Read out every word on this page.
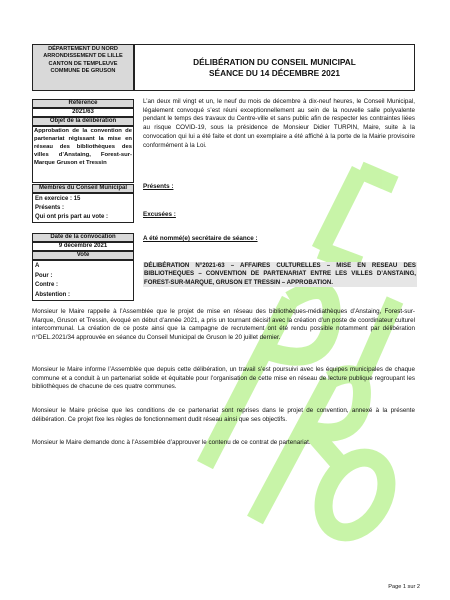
DÉPARTEMENT DU NORD
ARRONDISSEMENT DE LILLE
CANTON DE TEMPLEUVE
COMMUNE DE GRUSON
DÉLIBÉRATION DU CONSEIL MUNICIPAL
SÉANCE DU 14 DÉCEMBRE 2021
Référence
2021/63
Objet de la délibération
Approbation de la convention de partenariat régissant la mise en réseau des bibliothèques des villes d’Anstaing, Forest-sur-Marque Gruson et Tressin
Membres du Conseil Municipal
En exercice : 15
Présents :
Qui ont pris part au vote :
Date de la convocation
9 décembre 2021
Vote
A
Pour :
Contre :
Abstention :
L’an deux mil vingt et un, le neuf du mois de décembre à dix-neuf heures, le Conseil Municipal, légalement convoqué s’est réuni exceptionnellement au sein de la nouvelle salle polyvalente pendant le temps des travaux du Centre-ville et sans public afin de respecter les contraintes liées au risque COVID-19, sous la présidence de Monsieur Didier TURPIN, Maire, suite à la convocation qui lui a été faite et dont un exemplaire a été affiché à la porte de la Mairie provisoire conformément à la Loi.
Présents :
Excusées :
A été nommé(e) secrétaire de séance :
DÉLIBÉRATION N°2021-63 – AFFAIRES CULTURELLES – MISE EN RESEAU DES BIBLIOTHEQUES – CONVENTION DE PARTENARIAT ENTRE LES VILLES D’ANSTAING, FOREST-SUR-MARQUE, GRUSON ET TRESSIN – APPROBATION.
Monsieur le Maire rappelle à l’Assemblée que le projet de mise en réseau des bibliothèques-médiathèques d’Anstaing, Forest-sur-Marque, Gruson et Tressin, évoqué en début d’année 2021, a pris un tournant décisif avec la création d’un poste de coordinateur culturel intercommunal. La création de ce poste ainsi que la campagne de recrutement ont été rendu possible notamment par délibération n°DEL.2021/34 approuvée en séance du Conseil Municipal de Gruson le 20 juillet dernier.
Monsieur le Maire informe l’Assemblée que depuis cette délibération, un travail s’est poursuivi avec les équipes municipales de chaque commune et a conduit à un partenariat solide et équitable pour l’organisation de cette mise en réseau de lecture publique regroupant les bibliothèques de chacune de ces quatre communes.
Monsieur le Maire précise que les conditions de ce partenariat sont reprises dans le projet de convention, annexé à la présente délibération. Ce projet fixe les règles de fonctionnement dudit réseau ainsi que ses objectifs.
Monsieur le Maire demande donc à l’Assemblée d’approuver le contenu de ce contrat de partenariat.
Page 1 sur 2
